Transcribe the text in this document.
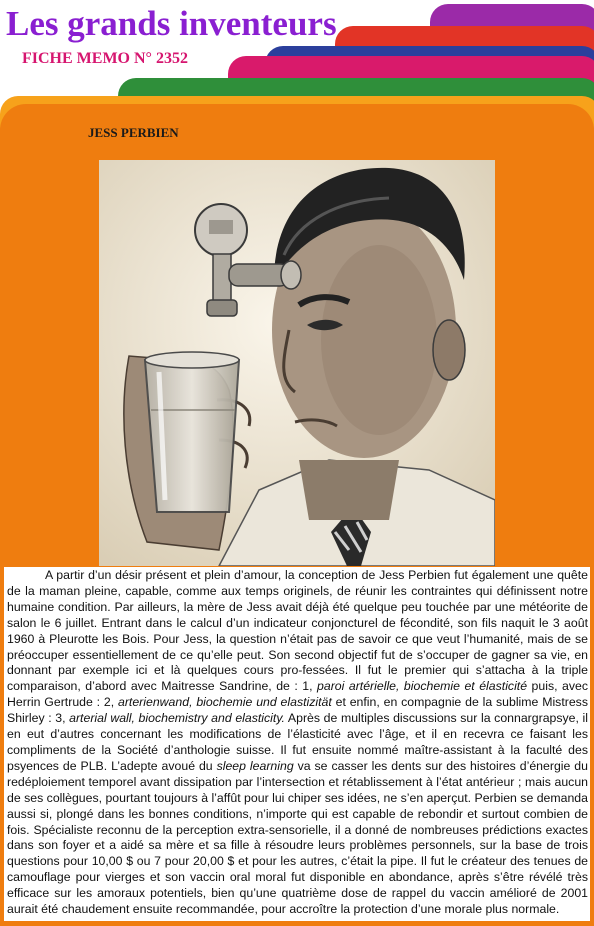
Les grands inventeurs
FICHE MEMO N° 2352
JESS PERBIEN
A partir d’un désir présent et plein d’amour, la conception de Jess Perbien fut également une quête de la maman pleine, capable, comme aux temps originels, de réunir les contraintes qui définissent notre humaine condition. Par ailleurs, la mère de Jess avait déjà été quelque peu touchée par une météorite de salon le 6 juillet. Entrant dans le calcul d’un indicateur conjoncturel de fécondité, son fils naquit le 3 août 1960 à Pleurotte les Bois. Pour Jess, la question n’était pas de savoir ce que veut l’humanité, mais de se préoccuper essentiellement de ce qu’elle peut. Son second objectif fut de s’occuper de gagner sa vie, en donnant par exemple ici et là quelques cours pro-fessées. Il fut le premier qui s’attacha à la triple comparaison, d’abord avec Maitresse Sandrine, de : 1, paroi artérielle, biochemie et élasticité puis, avec Herrin Gertrude : 2, arterienwand, biochemie und elastizität et enfin, en compagnie de la sublime Mistress Shirley : 3, arterial wall, biochemistry and elasticity. Après de multiples discussions sur la connargrapsye, il en eut d’autres concernant les modifications de l’élasticité avec l’âge, et il en recevra ce faisant les compliments de la Société d’anthologie suisse. Il fut ensuite nommé maître-assistant à la faculté des psyences de PLB. L’adepte avoué du sleep learning va se casser les dents sur des histoires d’énergie du redéploiement temporel avant dissipation par l’intersection et rétablissement à l’état antérieur ; mais aucun de ses collègues, pourtant toujours à l’affût pour lui chiper ses idées, ne s’en aperçut. Perbien se demanda aussi si, plongé dans les bonnes conditions, n’importe qui est capable de rebondir et surtout combien de fois. Spécialiste reconnu de la perception extra-sensorielle, il a donné de nombreuses prédictions exactes dans son foyer et a aidé sa mère et sa fille à résoudre leurs problèmes personnels, sur la base de trois questions pour 10,00 $ ou 7 pour 20,00 $ et pour les autres, c’était la pipe. Il fut le créateur des tenues de camouflage pour vierges et son vaccin oral moral fut disponible en abondance, après s’être révélé très efficace sur les amoraux potentiels, bien qu’une quatrième dose de rappel du vaccin amélioré de 2001 aurait été chaudement ensuite recommandée, pour accroître la protection d’une morale plus normale.
